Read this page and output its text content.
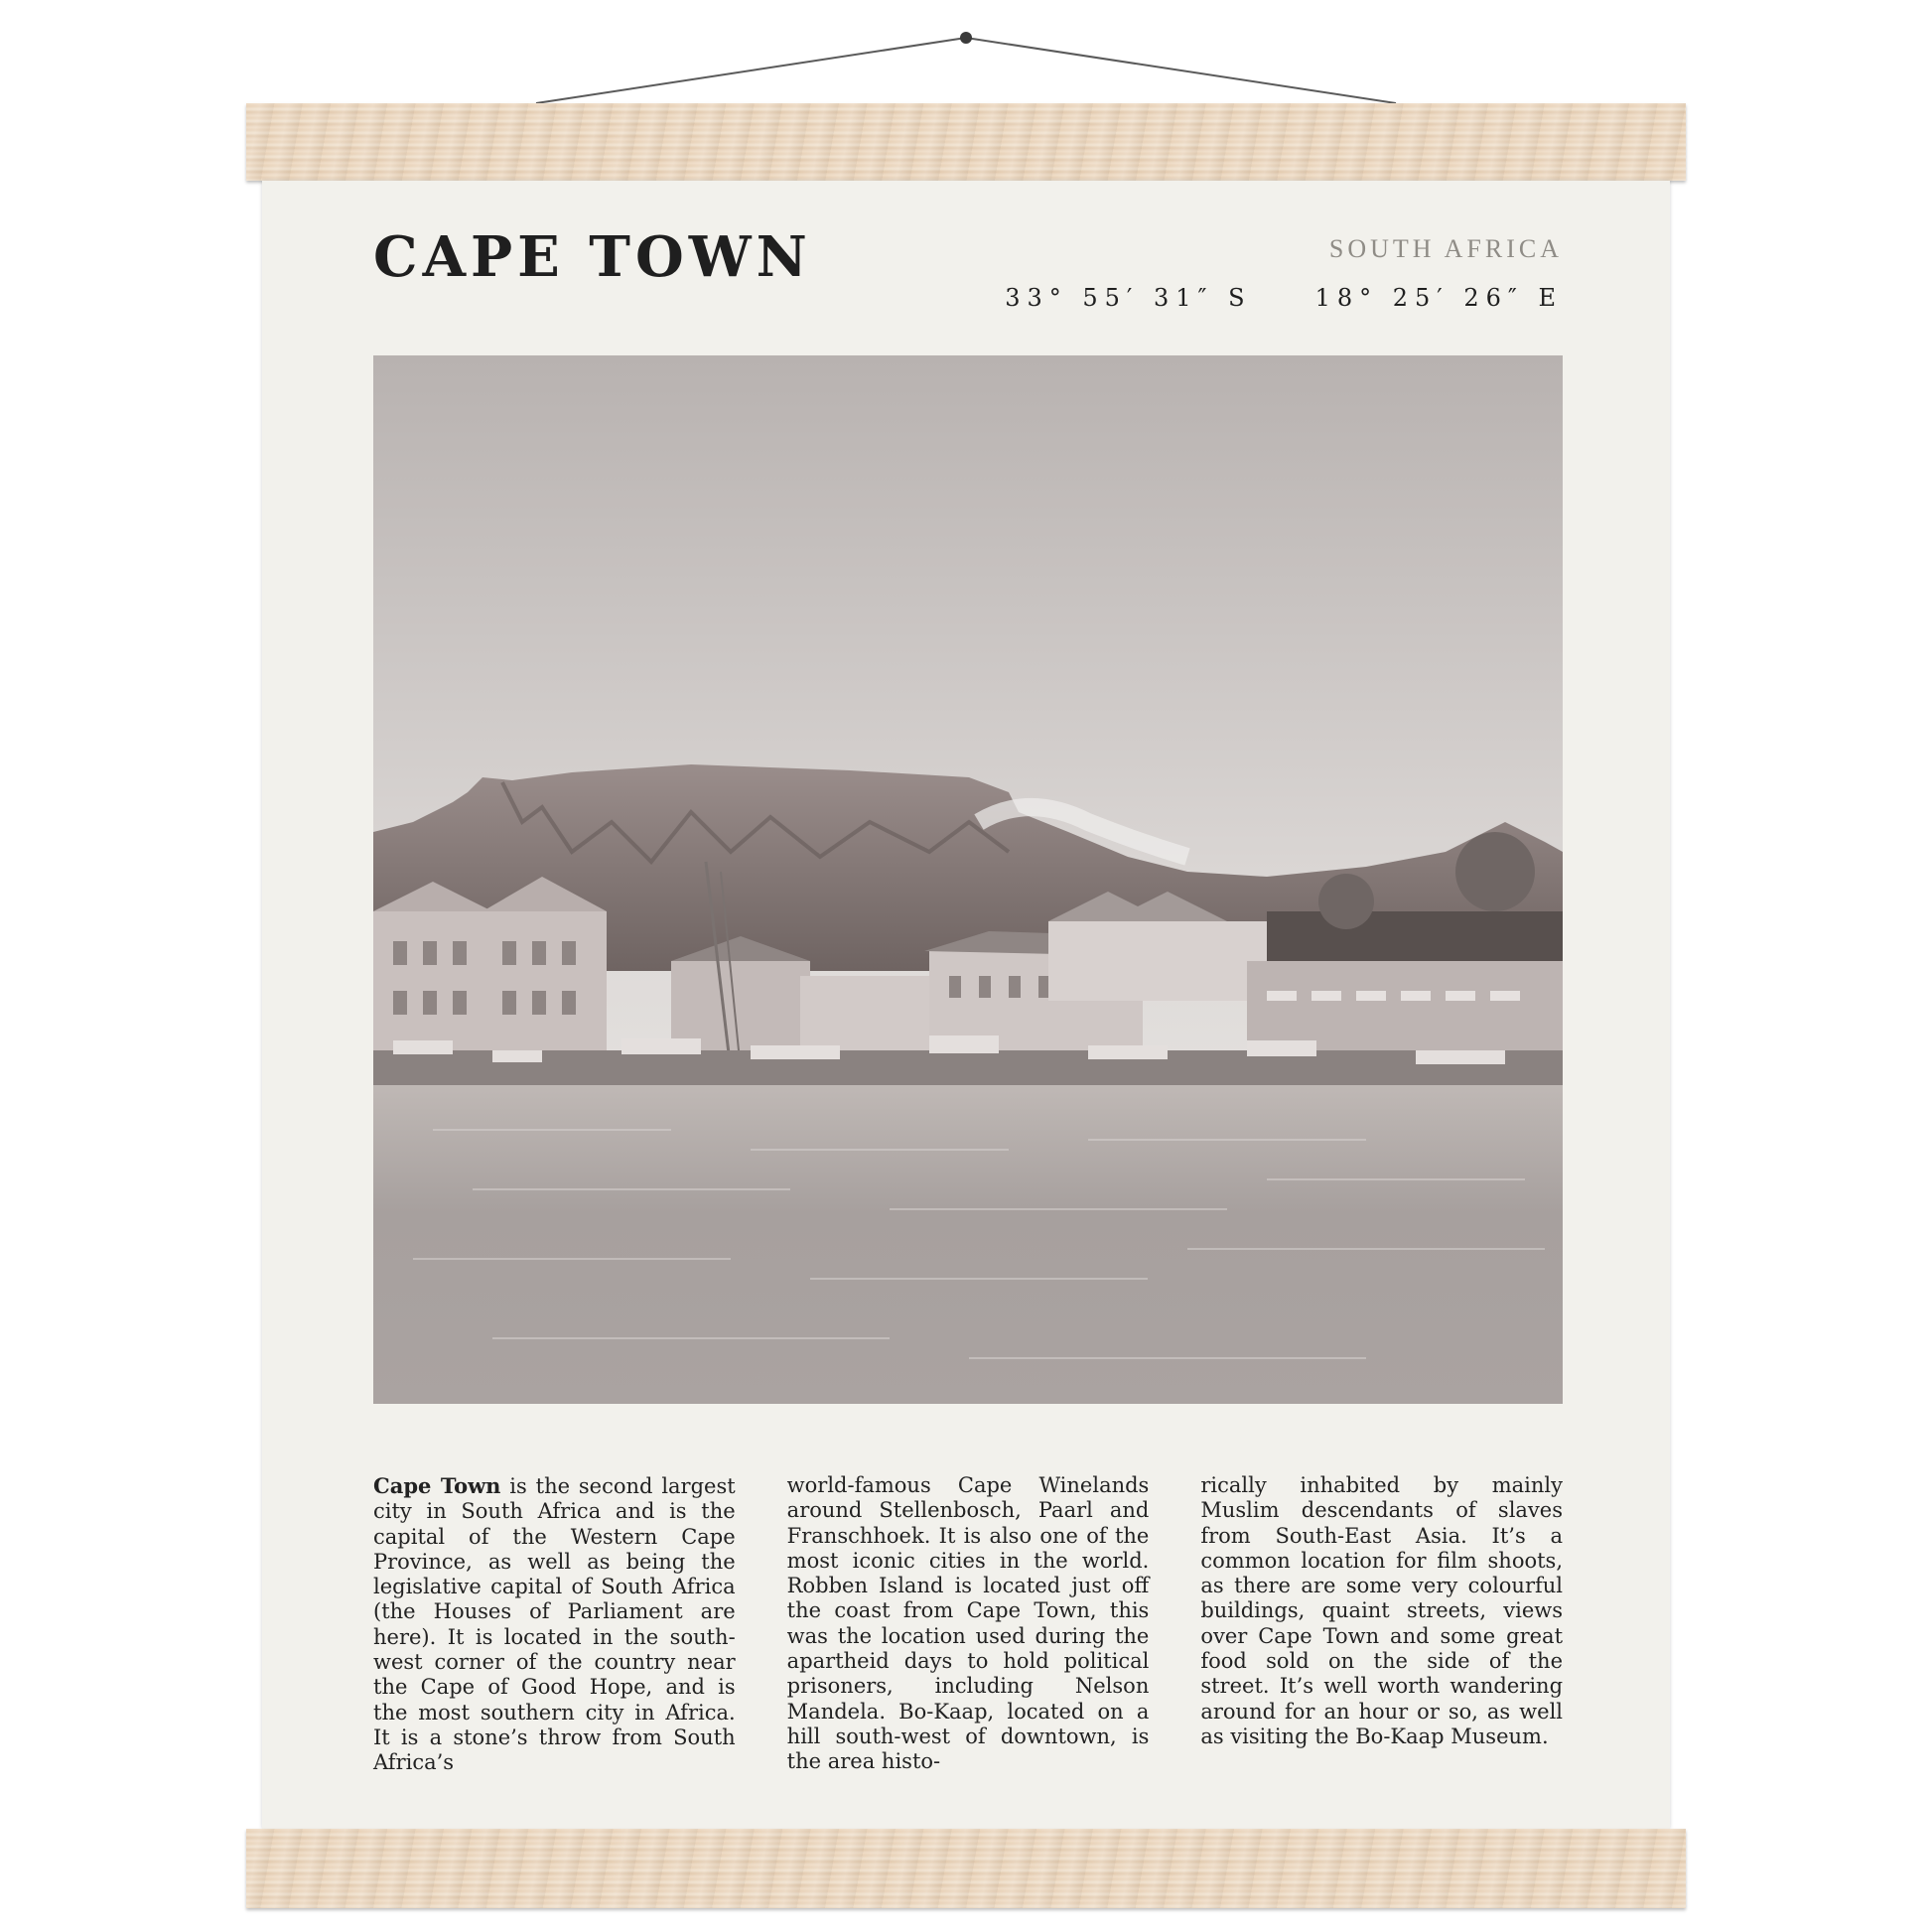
CAPE TOWN	SOUTH AFRICA
33° 55′ 31″ S	18° 25′ 26″ E

Cape Town is the second largest city in South Africa and is the capital of the Western Cape Province, as well as being the legislative capital of South Africa (the Houses of Parliament are here). It is located in the south-west corner of the country near the Cape of Good Hope, and is the most southern city in Africa. It is a stone’s throw from South Africa’s

world-famous Cape Winelands around Stellenbosch, Paarl and Franschhoek. It is also one of the most iconic cities in the world. Robben Island is located just off the coast from Cape Town, this was the location used during the apartheid days to hold political prisoners, including Nelson Mandela. Bo-Kaap, located on a hill south-west of downtown, is the area histo-

rically inhabited by mainly Muslim descendants of slaves from South-East Asia. It’s a common location for film shoots, as there are some very colourful buildings, quaint streets, views over Cape Town and some great food sold on the side of the street. It’s well worth wandering around for an hour or so, as well as visiting the Bo-Kaap Museum.
